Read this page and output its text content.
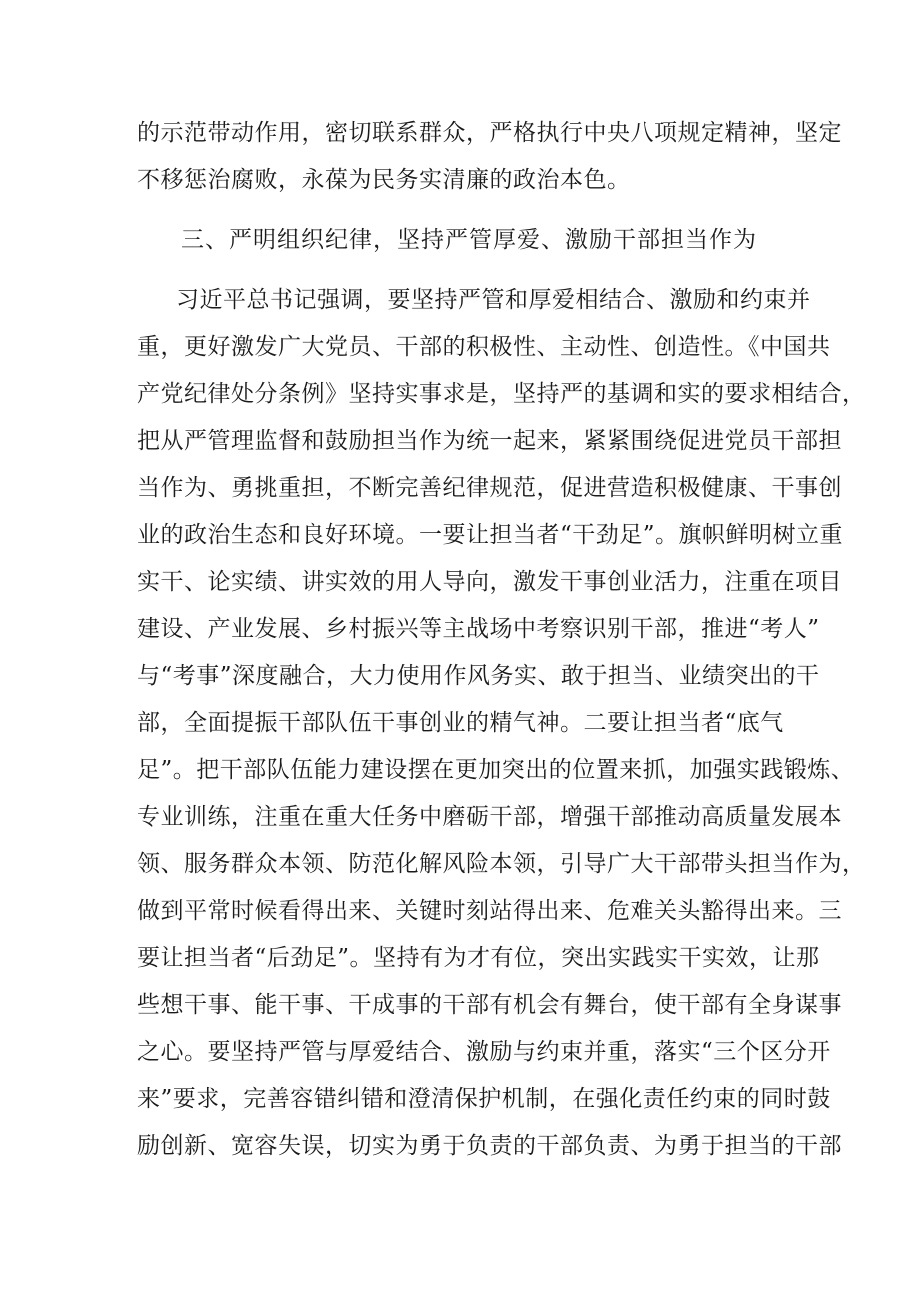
的示范带动作用，密切联系群众，严格执行中央八项规定精神，坚定
不移惩治腐败，永葆为民务实清廉的政治本色。
三、严明组织纪律，坚持严管厚爱、激励干部担当作为
习近平总书记强调，要坚持严管和厚爱相结合、激励和约束并
重，更好激发广大党员、干部的积极性、主动性、创造性。《中国共
产党纪律处分条例》坚持实事求是，坚持严的基调和实的要求相结合，
把从严管理监督和鼓励担当作为统一起来，紧紧围绕促进党员干部担
当作为、勇挑重担，不断完善纪律规范，促进营造积极健康、干事创
业的政治生态和良好环境。一要让担当者“干劲足”。旗帜鲜明树立重
实干、论实绩、讲实效的用人导向，激发干事创业活力，注重在项目
建设、产业发展、乡村振兴等主战场中考察识别干部，推进“考人”
与“考事”深度融合，大力使用作风务实、敢于担当、业绩突出的干
部，全面提振干部队伍干事创业的精气神。二要让担当者“底气
足”。把干部队伍能力建设摆在更加突出的位置来抓，加强实践锻炼、
专业训练，注重在重大任务中磨砺干部，增强干部推动高质量发展本
领、服务群众本领、防范化解风险本领，引导广大干部带头担当作为，
做到平常时候看得出来、关键时刻站得出来、危难关头豁得出来。三
要让担当者“后劲足”。坚持有为才有位，突出实践实干实效，让那
些想干事、能干事、干成事的干部有机会有舞台，使干部有全身谋事
之心。要坚持严管与厚爱结合、激励与约束并重，落实“三个区分开
来”要求，完善容错纠错和澄清保护机制，在强化责任约束的同时鼓
励创新、宽容失误，切实为勇于负责的干部负责、为勇于担当的干部
